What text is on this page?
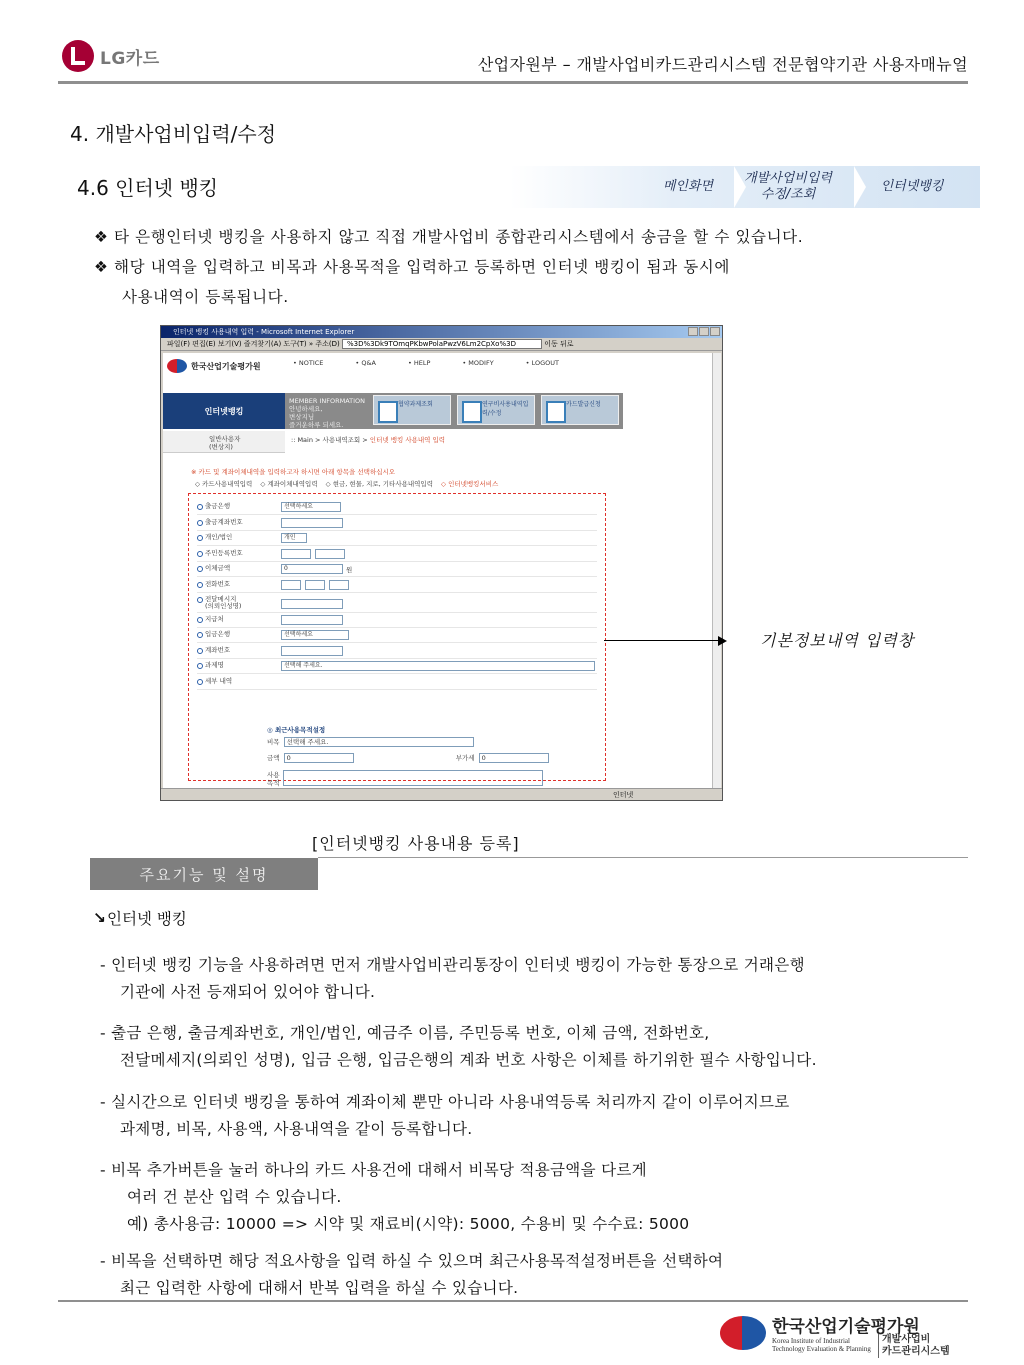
LG카드	산업자원부 – 개발사업비카드관리시스템 전문협약기관 사용자매뉴얼
4. 개발사업비입력/수정
4.6 인터넷 뱅킹	메인화면
개발사업비입력
수정/조회
인터넷뱅킹
❖ 타 은행인터넷 뱅킹을 사용하지 않고 직접 개발사업비 종합관리시스템에서 송금을 할 수 있습니다.
❖ 해당 내역을 입력하고 비목과 사용목적을 입력하고 등록하면 인터넷 뱅킹이 됨과 동시에
사용내역이 등록됩니다.
인터넷 뱅킹 사용내역 입력 - Microsoft Internet Explorer
파일(F) 편집(E) 보기(V) 즐겨찾기(A) 도구(T) » 주소(D) %3D%3Dk9TOmqPKbwPolaPwzV6Lm2CpXo%3D	이동 뒤로
한국산업기술평가원	• NOTICE	• Q&A	• HELP	• MODIFY	• LOGOUT
인터넷뱅킹
MEMBER INFORMATION
안녕하세요,
변상지님
즐거운하루 되세요.
협약과제조회	연구비사용내역입력/수정
카드발급신청
일반사용자
(변상지)
:: Main > 사용내역조회 > 인터넷 뱅킹 사용내역 입력
※ 카드 및 계좌이체내역을 입력하고자 하시면 아래 항목을 선택하십시오
◇ 카드사용내역입력 ◇ 계좌이체내역입력 ◇ 현금, 현물, 지로, 기타사용내역입력 ◇ 인터넷뱅킹서비스
출금은행	선택하세요
출금계좌번호
개인/법인	개인
주민등록번호
이체금액	0	원
전화번호
전달메시지
(의뢰인성명)
지급처
입금은행	선택하세요
계좌번호
과제명	선택해 주세요.
세부 내역
◎ 최근사용목적설정
비목 선택해 주세요.
금액 0	부가세 0
사용
목적
인터넷
기본정보내역 입력창
[인터넷뱅킹 사용내용 등록]
주요기능 및 설명
↘ 인터넷 뱅킹
- 인터넷 뱅킹 기능을 사용하려면 먼저 개발사업비관리통장이 인터넷 뱅킹이 가능한 통장으로 거래은행
기관에 사전 등재되어 있어야 합니다.
- 출금 은행, 출금계좌번호, 개인/법인, 예금주 이름, 주민등록 번호, 이체 금액, 전화번호,
전달메세지(의뢰인 성명), 입금 은행, 입금은행의 계좌 번호 사항은 이체를 하기위한 필수 사항입니다.
- 실시간으로 인터넷 뱅킹을 통하여 계좌이체 뿐만 아니라 사용내역등록 처리까지 같이 이루어지므로
과제명, 비목, 사용액, 사용내역을 같이 등록합니다.
- 비목 추가버튼을 눌러 하나의 카드 사용건에 대해서 비목당 적용금액을 다르게
여러 건 분산 입력 수 있습니다.
예) 총사용금: 10000 => 시약 및 재료비(시약): 5000, 수용비 및 수수료: 5000
- 비목을 선택하면 해당 적요사항을 입력 하실 수 있으며 최근사용목적설정버튼을 선택하여
최근 입력한 사항에 대해서 반복 입력을 하실 수 있습니다.
한국산업기술평가원
Korea Institute of Industrial
Technology Evaluation & Planning
개발사업비
카드관리시스템
